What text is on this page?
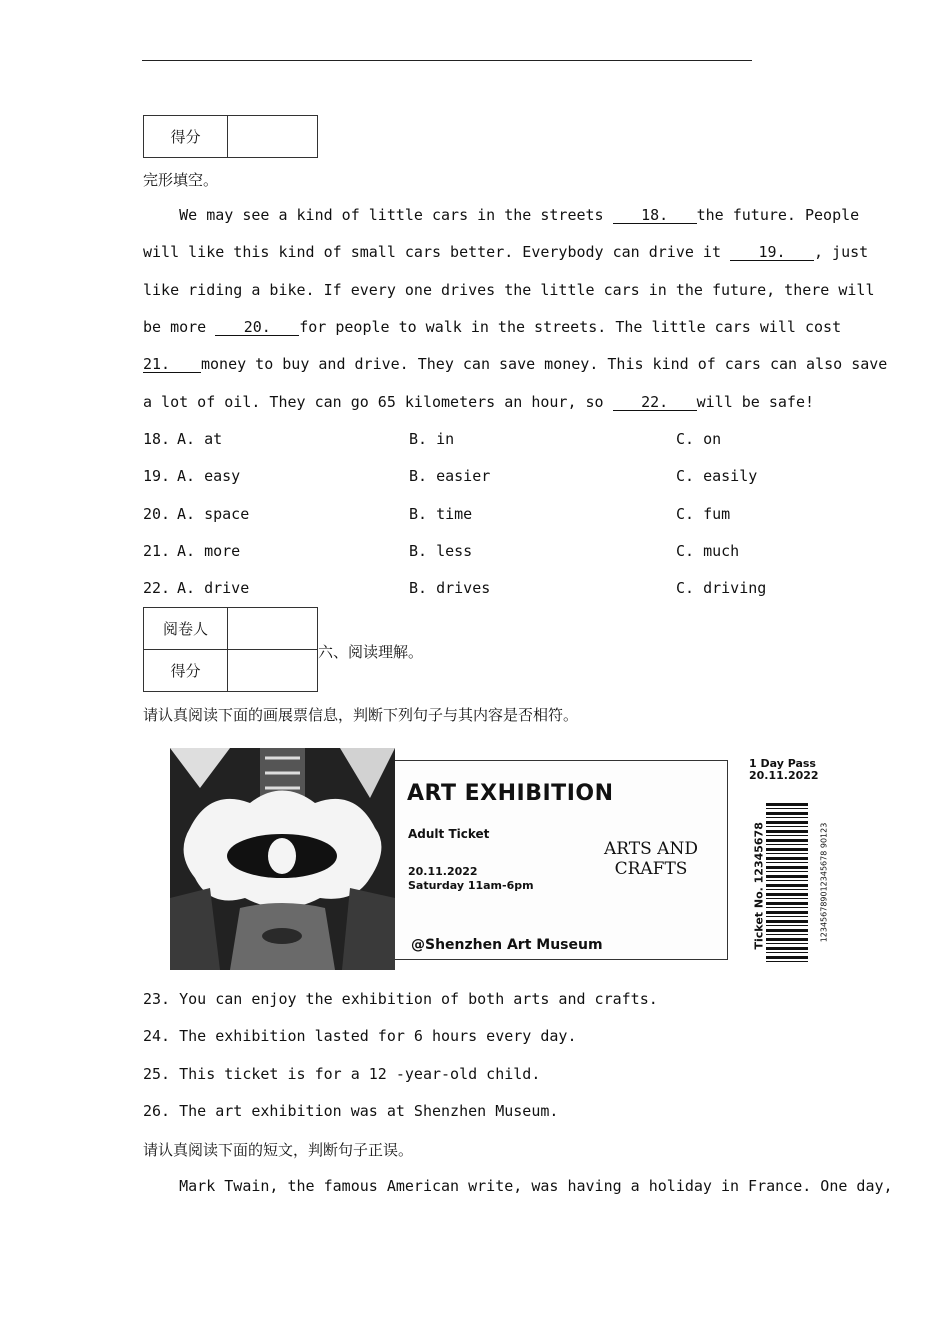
得分	
完形填空。
We may see a kind of little cars in the streets 18. the future. People
will like this kind of small cars better. Everybody can drive it 19. , just
like riding a bike. If every one drives the little cars in the future, there will
be more 20. for people to walk in the streets. The little cars will cost
21. money to buy and drive. They can save money. This kind of cars can also save
a lot of oil. They can go 65 kilometers an hour, so 22. will be safe!
18. A. at	B. in	C. on
19. A. easy	B. easier	C. easily
20. A. space	B. time	C. fum
21. A. more	B. less	C. much
22. A. drive	B. drives	C. driving
阅卷人	
得分	
六、阅读理解。
请认真阅读下面的画展票信息，判断下列句子与其内容是否相符。
ART EXHIBITION
Adult Ticket
20.11.2022
Saturday 11am-6pm
@Shenzhen Art Museum
ARTS AND
CRAFTS
1 Day Pass
20.11.2022
Ticket No. 12345678	123456789012345678 90123
23. You can enjoy the exhibition of both arts and crafts.
24. The exhibition lasted for 6 hours every day.
25. This ticket is for a 12 -year-old child.
26. The art exhibition was at Shenzhen Museum.
请认真阅读下面的短文，判断句子正误。
Mark Twain, the famous American write, was having a holiday in France. One day,
